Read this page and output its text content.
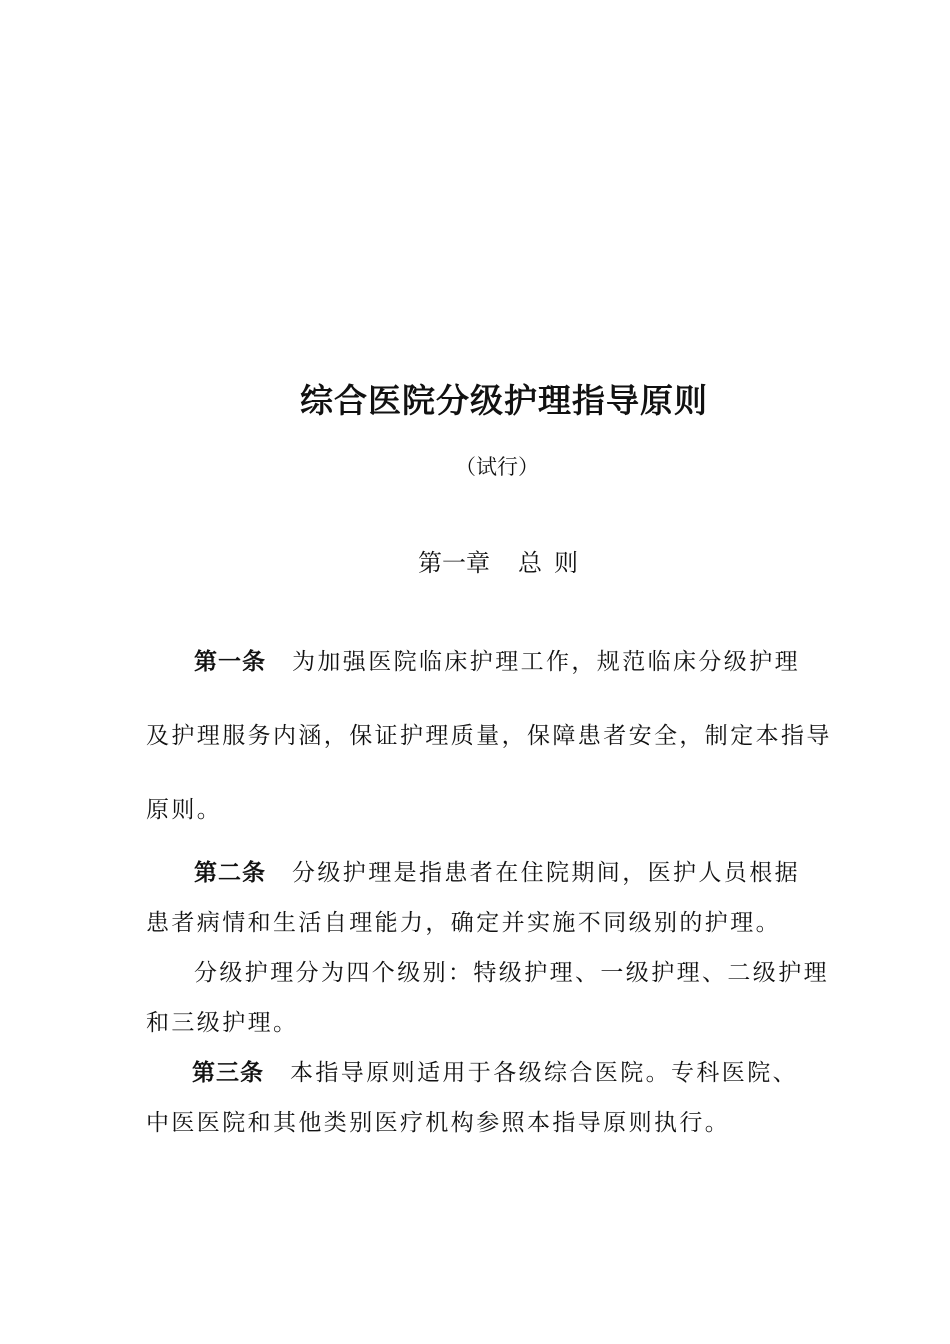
综合医院分级护理指导原则
（试行）
第一章 总 则
第一条 为加强医院临床护理工作，规范临床分级护理
及护理服务内涵，保证护理质量，保障患者安全，制定本指导
原则。
第二条 分级护理是指患者在住院期间，医护人员根据
患者病情和生活自理能力，确定并实施不同级别的护理。
分级护理分为四个级别：特级护理、一级护理、二级护理
和三级护理。
第三条 本指导原则适用于各级综合医院。专科医院、
中医医院和其他类别医疗机构参照本指导原则执行。
